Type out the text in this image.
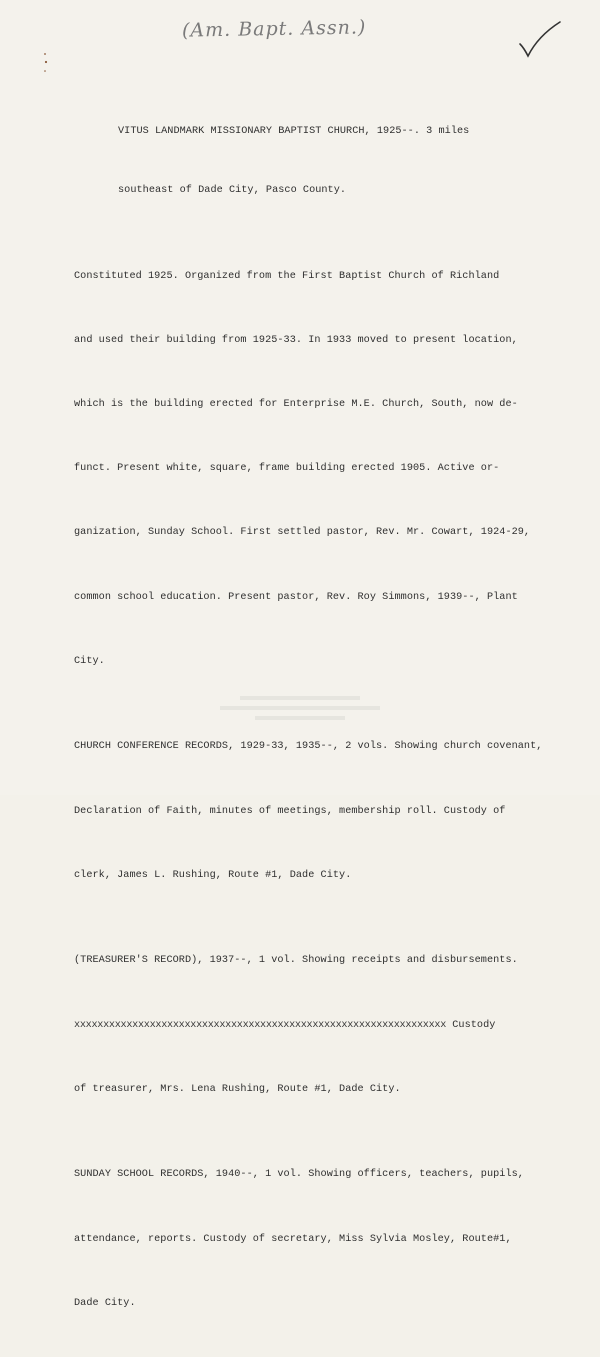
(Am. Bapt. Assn.)

VITUS LANDMARK MISSIONARY BAPTIST CHURCH, 1925--. 3 miles

southeast of Dade City, Pasco County.

Constituted 1925. Organized from the First Baptist Church of Richland

and used their building from 1925-33. In 1933 moved to present location,

which is the building erected for Enterprise M.E. Church, South, now de-

funct. Present white, square, frame building erected 1905. Active or-

ganization, Sunday School. First settled pastor, Rev. Mr. Cowart, 1924-29,

common school education. Present pastor, Rev. Roy Simmons, 1939--, Plant

City.

CHURCH CONFERENCE RECORDS, 1929-33, 1935--, 2 vols. Showing church covenant,

Declaration of Faith, minutes of meetings, membership roll. Custody of

clerk, James L. Rushing, Route #1, Dade City.

(TREASURER'S RECORD), 1937--, 1 vol. Showing receipts and disbursements.

xxxxxxxxxxxxxxxxxxxxxxxxxxxxxxxxxxxxxxxxxxxxxxxxxxxxxxxxxxxxxxxx Custody

of treasurer, Mrs. Lena Rushing, Route #1, Dade City.

SUNDAY SCHOOL RECORDS, 1940--, 1 vol. Showing officers, teachers, pupils,

attendance, reports. Custody of secretary, Miss Sylvia Mosley, Route#1,

Dade City.
